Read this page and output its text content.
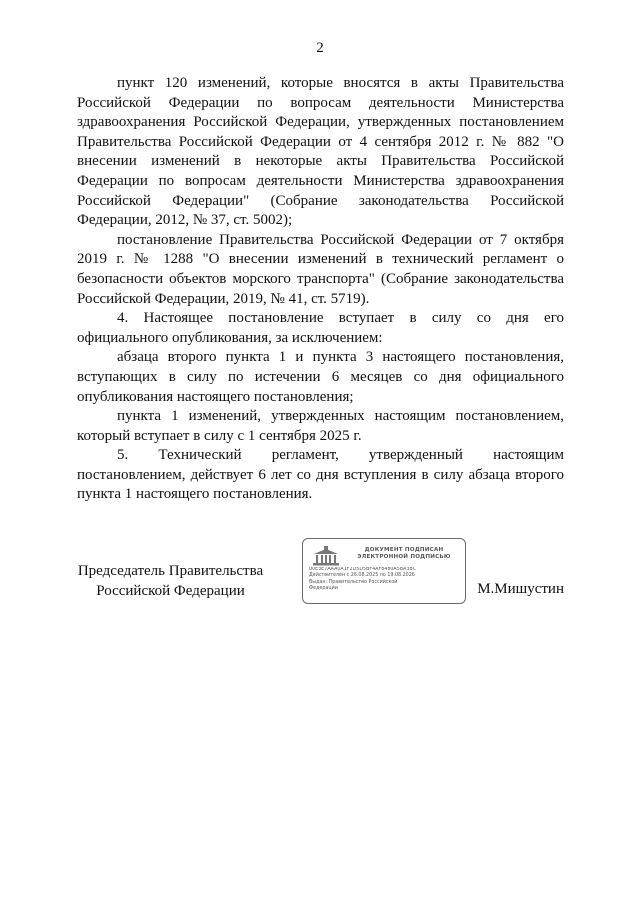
2

пункт 120 изменений, которые вносятся в акты Правительства Российской Федерации по вопросам деятельности Министерства здравоохранения Российской Федерации, утвержденных постановлением Правительства Российской Федерации от 4 сентября 2012 г. № 882 "О внесении изменений в некоторые акты Правительства Российской Федерации по вопросам деятельности Министерства здравоохранения Российской Федерации" (Собрание законодательства Российской Федерации, 2012, № 37, ст. 5002);

постановление Правительства Российской Федерации от 7 октября 2019 г. № 1288 "О внесении изменений в технический регламент о безопасности объектов морского транспорта" (Собрание законодательства Российской Федерации, 2019, № 41, ст. 5719).

4. Настоящее постановление вступает в силу со дня его официального опубликования, за исключением:

абзаца второго пункта 1 и пункта 3 настоящего постановления, вступающих в силу по истечении 6 месяцев со дня официального опубликования настоящего постановления;

пункта 1 изменений, утвержденных настоящим постановлением, который вступает в силу с 1 сентября 2025 г.

5. Технический регламент, утвержденный настоящим постановлением, действует 6 лет со дня вступления в силу абзаца второго пункта 1 настоящего постановления.

Председатель Правительства
Российской Федерации
ДОКУМЕНТ ПОДПИСАН
ЭЛЕКТРОННОЙ ПОДПИСЬЮ
00E3E7AAA0A1F2D5D5BF4AF8480A5BA3BC
Действителен с 26.08.2025 по 19.08.2026
Выдан: Правительство Российской
Федерации	М.Мишустин
